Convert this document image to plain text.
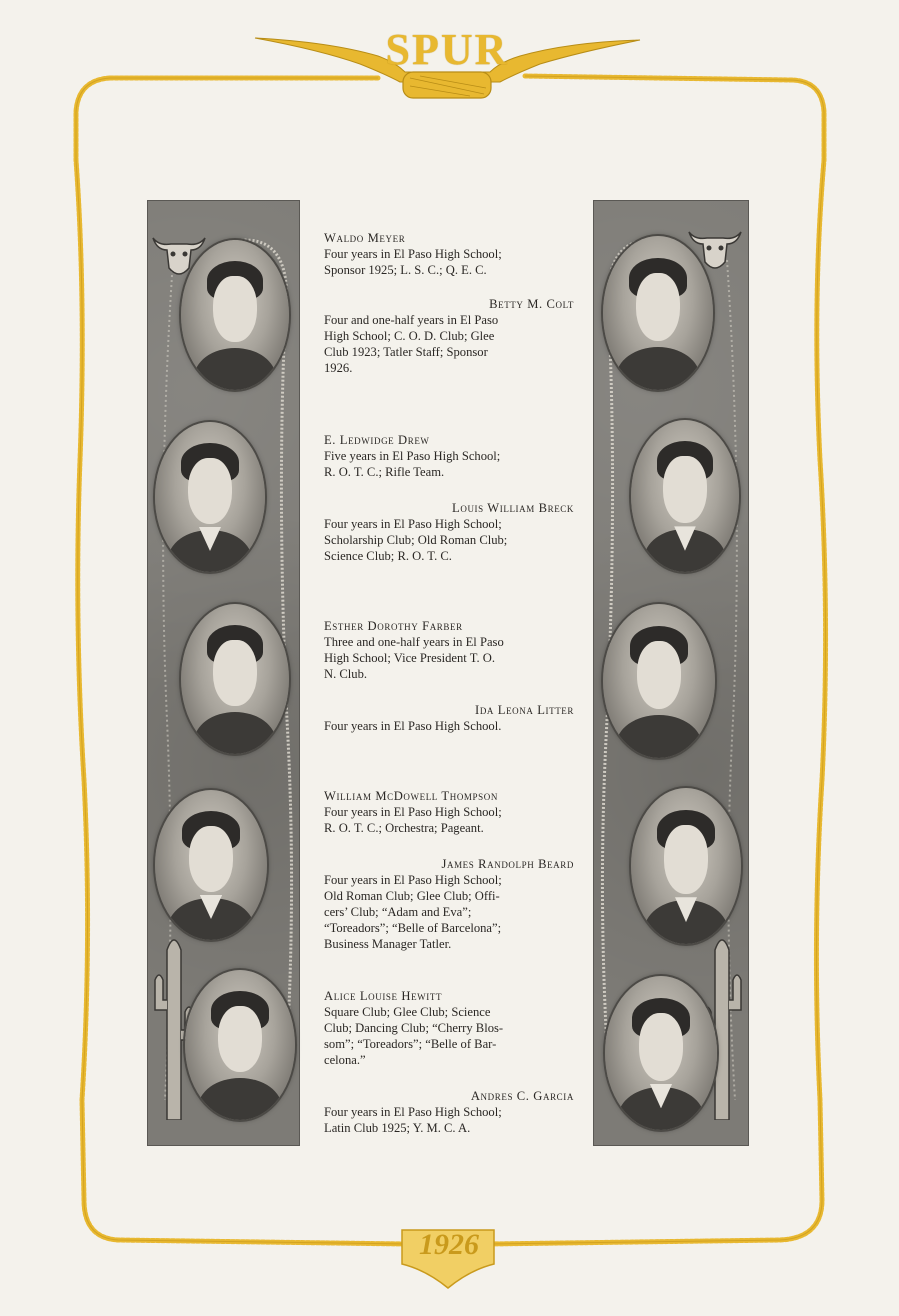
SPUR
1926
Waldo Meyer
Four years in El Paso High School;
Sponsor 1925; L. S. C.; Q. E. C.
Betty M. Colt
Four and one-half years in El Paso
High School; C. O. D. Club; Glee
Club 1923; Tatler Staff; Sponsor
1926.
E. Ledwidge Drew
Five years in El Paso High School;
R. O. T. C.; Rifle Team.
Louis William Breck
Four years in El Paso High School;
Scholarship Club; Old Roman Club;
Science Club; R. O. T. C.
Esther Dorothy Farber
Three and one-half years in El Paso
High School; Vice President T. O.
N. Club.
Ida Leona Litter
Four years in El Paso High School.
William McDowell Thompson
Four years in El Paso High School;
R. O. T. C.; Orchestra; Pageant.
James Randolph Beard
Four years in El Paso High School;
Old Roman Club; Glee Club; Offi-
cers’ Club; “Adam and Eva”;
“Toreadors”; “Belle of Barcelona”;
Business Manager Tatler.
Alice Louise Hewitt
Square Club; Glee Club; Science
Club; Dancing Club; “Cherry Blos-
som”; “Toreadors”; “Belle of Bar-
celona.”
Andres C. Garcia
Four years in El Paso High School;
Latin Club 1925; Y. M. C. A.
